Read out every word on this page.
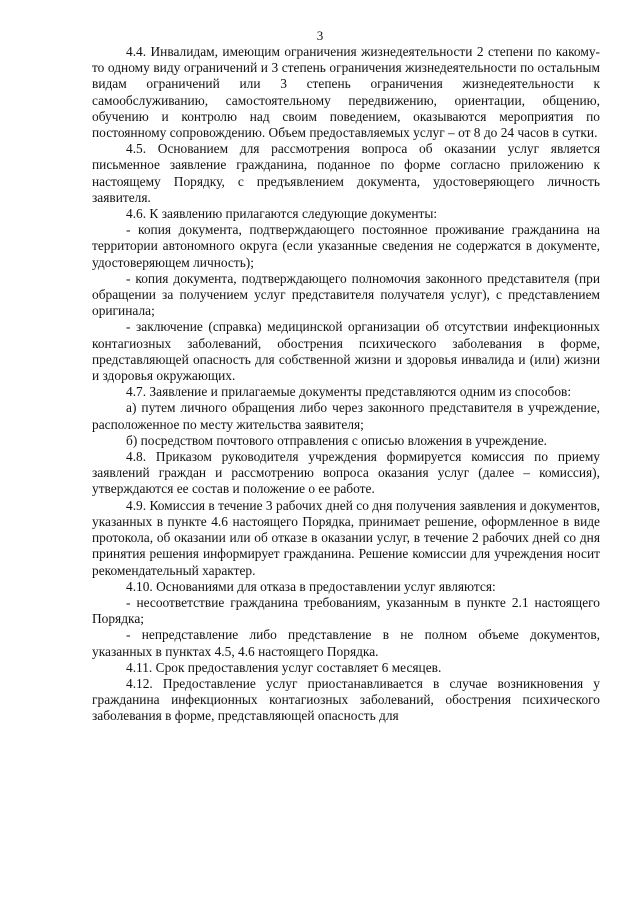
3

4.4. Инвалидам, имеющим ограничения жизнедеятельности 2 степени по какому-то одному виду ограничений и 3 степень ограничения жизнедеятельности по остальным видам ограничений или 3 степень ограничения жизнедеятельности к самообслуживанию, самостоятельному передвижению, ориентации, общению, обучению и контролю над своим поведением, оказываются мероприятия по постоянному сопровождению. Объем предоставляемых услуг – от 8 до 24 часов в сутки.

4.5. Основанием для рассмотрения вопроса об оказании услуг является письменное заявление гражданина, поданное по форме согласно приложению к настоящему Порядку, с предъявлением документа, удостоверяющего личность заявителя.

4.6. К заявлению прилагаются следующие документы:

- копия документа, подтверждающего постоянное проживание гражданина на территории автономного округа (если указанные сведения не содержатся в документе, удостоверяющем личность);

- копия документа, подтверждающего полномочия законного представителя (при обращении за получением услуг представителя получателя услуг), с представлением оригинала;

- заключение (справка) медицинской организации об отсутствии инфекционных контагиозных заболеваний, обострения психического заболевания в форме, представляющей опасность для собственной жизни и здоровья инвалида и (или) жизни и здоровья окружающих.

4.7. Заявление и прилагаемые документы представляются одним из способов:

а) путем личного обращения либо через законного представителя в учреждение, расположенное по месту жительства заявителя;

б) посредством почтового отправления с описью вложения в учреждение.

4.8. Приказом руководителя учреждения формируется комиссия по приему заявлений граждан и рассмотрению вопроса оказания услуг (далее – комиссия), утверждаются ее состав и положение о ее работе.

4.9. Комиссия в течение 3 рабочих дней со дня получения заявления и документов, указанных в пункте 4.6 настоящего Порядка, принимает решение, оформленное в виде протокола, об оказании или об отказе в оказании услуг, в течение 2 рабочих дней со дня принятия решения информирует гражданина. Решение комиссии для учреждения носит рекомендательный характер.

4.10. Основаниями для отказа в предоставлении услуг являются:

- несоответствие гражданина требованиям, указанным в пункте 2.1 настоящего Порядка;

- непредставление либо представление в не полном объеме документов, указанных в пунктах 4.5, 4.6 настоящего Порядка.

4.11. Срок предоставления услуг составляет 6 месяцев.

4.12. Предоставление услуг приостанавливается в случае возникновения у гражданина инфекционных контагиозных заболеваний, обострения психического заболевания в форме, представляющей опасность для
